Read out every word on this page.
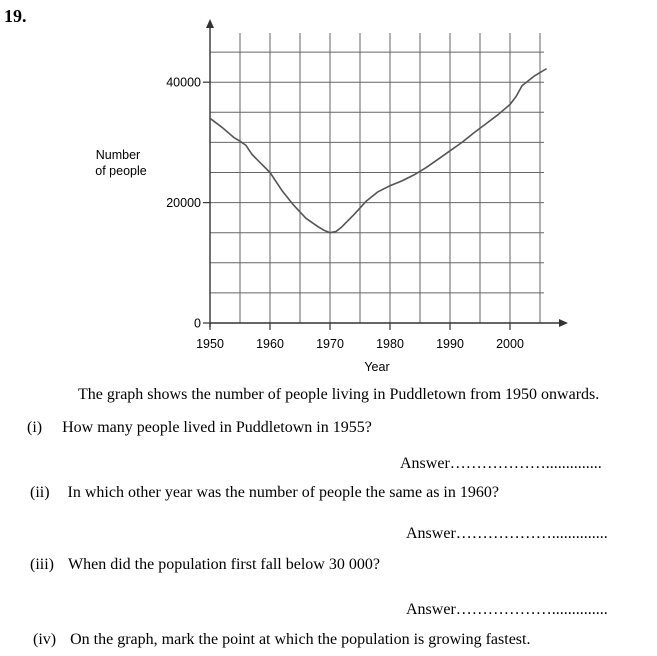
19.
0
20000
40000
1950	1960	1970	1980	1990	2000
Number
of people
Year
The graph shows the number of people living in Puddletown from 1950 onwards.
(i) How many people lived in Puddletown in 1955?
Answer………………..............
(ii) In which other year was the number of people the same as in 1960?
Answer………………..............
(iii) When did the population first fall below 30 000?
Answer………………..............
(iv) On the graph, mark the point at which the population is growing fastest.
